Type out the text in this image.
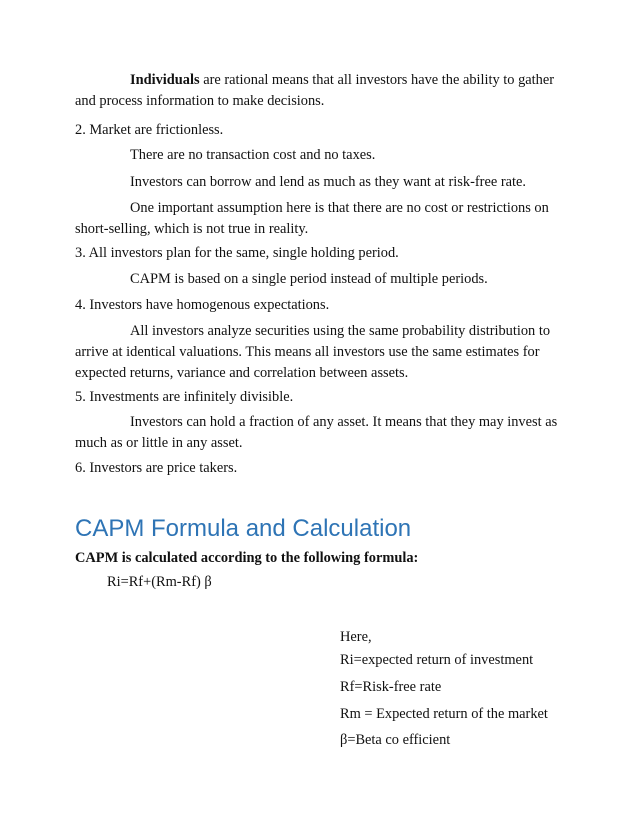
Individuals are rational means that all investors have the ability to gather and process information to make decisions.

2. Market are frictionless.

There are no transaction cost and no taxes.

Investors can borrow and lend as much as they want at risk-free rate.

One important assumption here is that there are no cost or restrictions on short-selling, which is not true in reality.

3. All investors plan for the same, single holding period.

CAPM is based on a single period instead of multiple periods.

4. Investors have homogenous expectations.

All investors analyze securities using the same probability distribution to arrive at identical valuations. This means all investors use the same estimates for expected returns, variance and correlation between assets.

5. Investments are infinitely divisible.

Investors can hold a fraction of any asset. It means that they may invest as much as or little in any asset.

6. Investors are price takers.

CAPM Formula and Calculation

CAPM is calculated according to the following formula:

Ri=Rf+(Rm-Rf) β

Here,

Ri=expected return of investment

Rf=Risk-free rate

Rm = Expected return of the market

β=Beta co efficient
